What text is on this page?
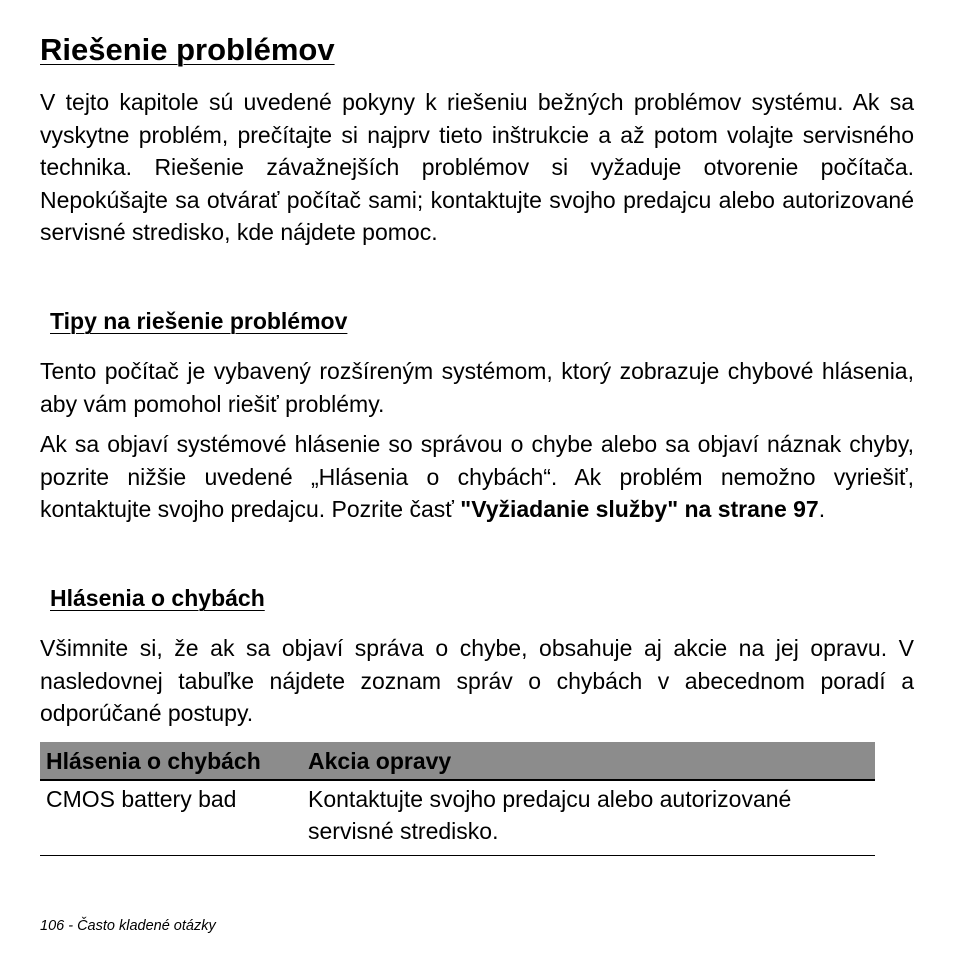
Riešenie problémov

V tejto kapitole sú uvedené pokyny k riešeniu bežných problémov systému. Ak sa vyskytne problém, prečítajte si najprv tieto inštrukcie a až potom volajte servisného technika. Riešenie závažnejších problémov si vyžaduje otvorenie počítača. Nepokúšajte sa otvárať počítač sami; kontaktujte svojho predajcu alebo autorizované servisné stredisko, kde nájdete pomoc.

Tipy na riešenie problémov

Tento počítač je vybavený rozšíreným systémom, ktorý zobrazuje chybové hlásenia, aby vám pomohol riešiť problémy.

Ak sa objaví systémové hlásenie so správou o chybe alebo sa objaví náznak chyby, pozrite nižšie uvedené „Hlásenia o chybách“. Ak problém nemožno vyriešiť, kontaktujte svojho predajcu. Pozrite časť "Vyžiadanie služby" na strane 97.

Hlásenia o chybách

Všimnite si, že ak sa objaví správa o chybe, obsahuje aj akcie na jej opravu. V nasledovnej tabuľke nájdete zoznam správ o chybách v abecednom poradí a odporúčané postupy.

Hlásenia o chybách	Akcia opravy
CMOS battery bad	Kontaktujte svojho predajcu alebo autorizované servisné stredisko.
106 - Často kladené otázky
